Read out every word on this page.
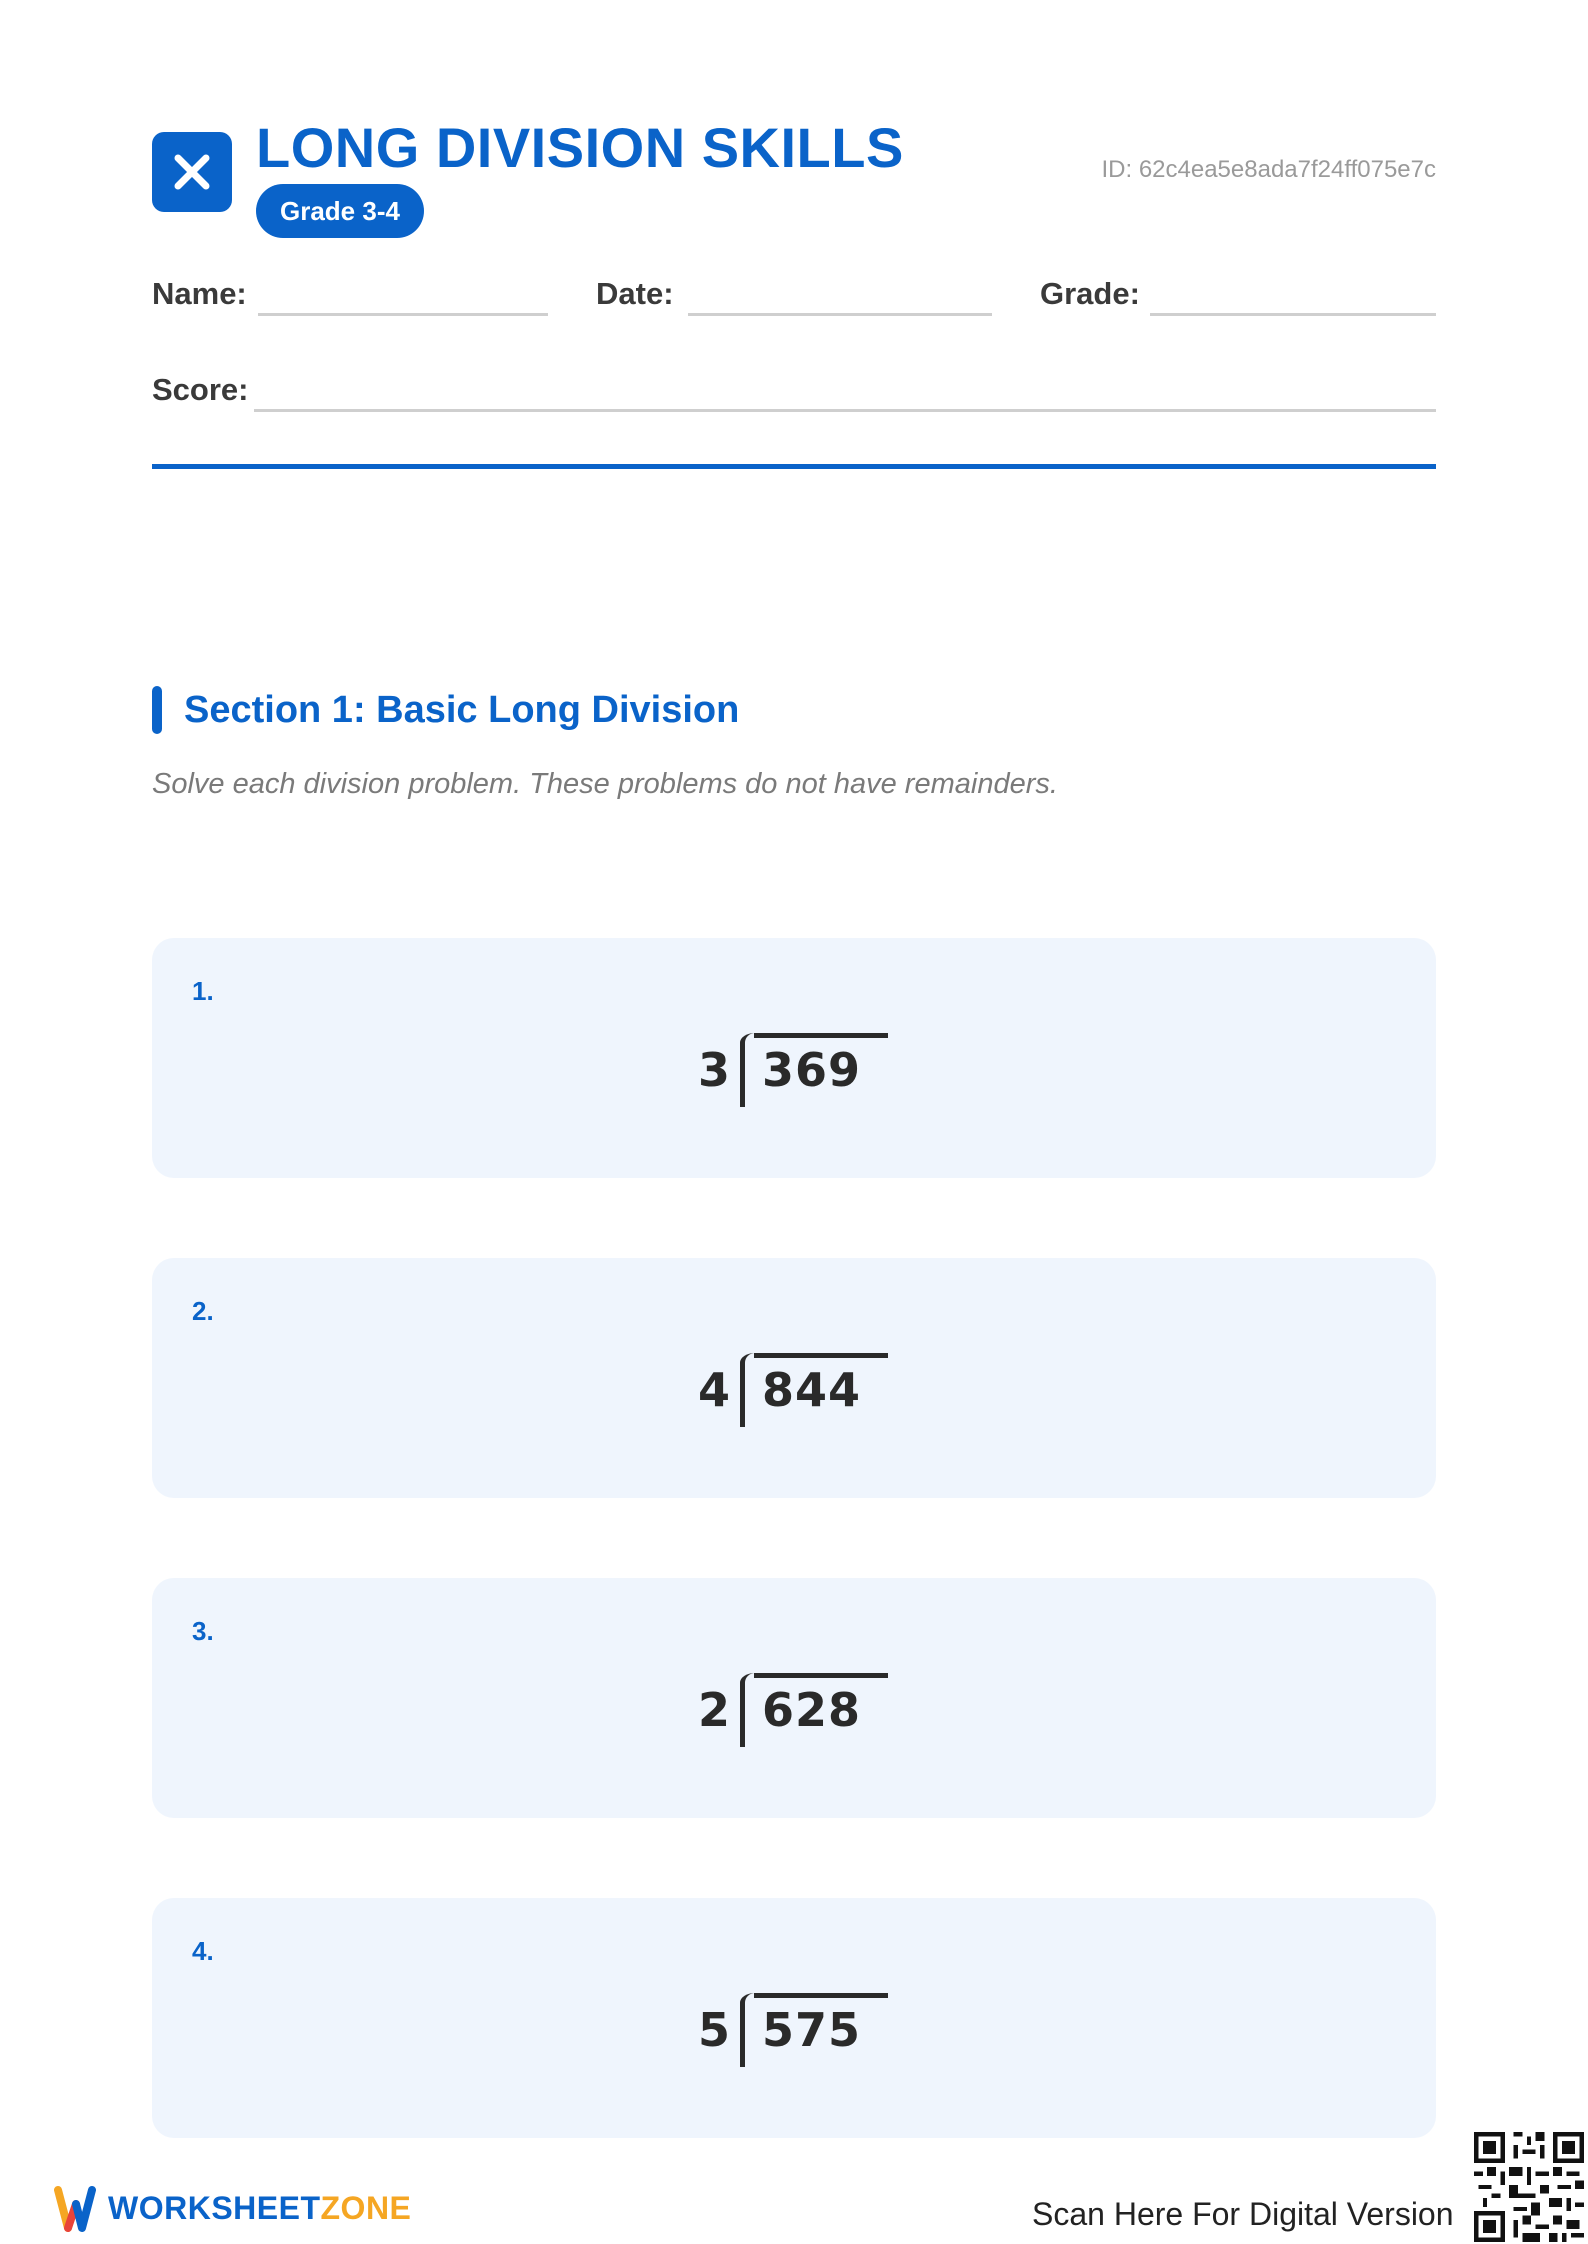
LONG DIVISION SKILLS
Grade 3-4
ID: 62c4ea5e8ada7f24ff075e7c
Name:	Date:	Grade:
Score:
Section 1: Basic Long Division
Solve each division problem. These problems do not have remainders.
1.
3 369
2.
4 844
3.
2 628
4.
5 575
WORKSHEETZONE	Scan Here For Digital Version
